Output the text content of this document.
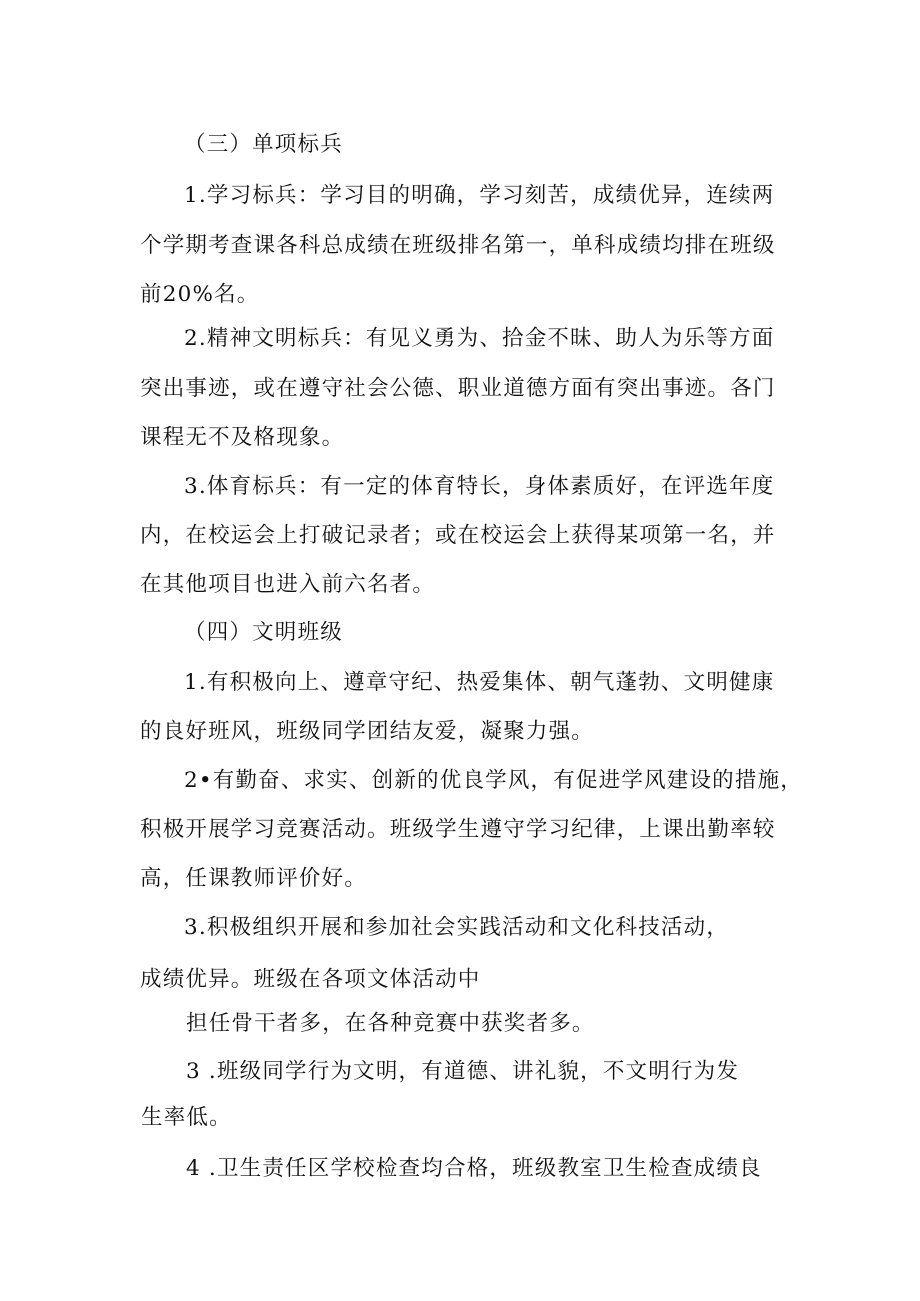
（三）单项标兵

1.学习标兵：学习目的明确，学习刻苦，成绩优异，连续两

个学期考查课各科总成绩在班级排名第一，单科成绩均排在班级

前20%名。

2.精神文明标兵：有见义勇为、拾金不昧、助人为乐等方面

突出事迹，或在遵守社会公德、职业道德方面有突出事迹。各门

课程无不及格现象。

3.体育标兵：有一定的体育特长，身体素质好，在评选年度

内，在校运会上打破记录者；或在校运会上获得某项第一名，并

在其他项目也进入前六名者。

（四）文明班级

1.有积极向上、遵章守纪、热爱集体、朝气蓬勃、文明健康

的良好班风，班级同学团结友爱，凝聚力强。

2•有勤奋、求实、创新的优良学风，有促进学风建设的措施，

积极开展学习竞赛活动。班级学生遵守学习纪律，上课出勤率较

高，任课教师评价好。

3.积极组织开展和参加社会实践活动和文化科技活动，

成绩优异。班级在各项文体活动中

担任骨干者多，在各种竞赛中获奖者多。

3 .班级同学行为文明，有道德、讲礼貌，不文明行为发

生率低。

4 .卫生责任区学校检查均合格，班级教室卫生检查成绩良
